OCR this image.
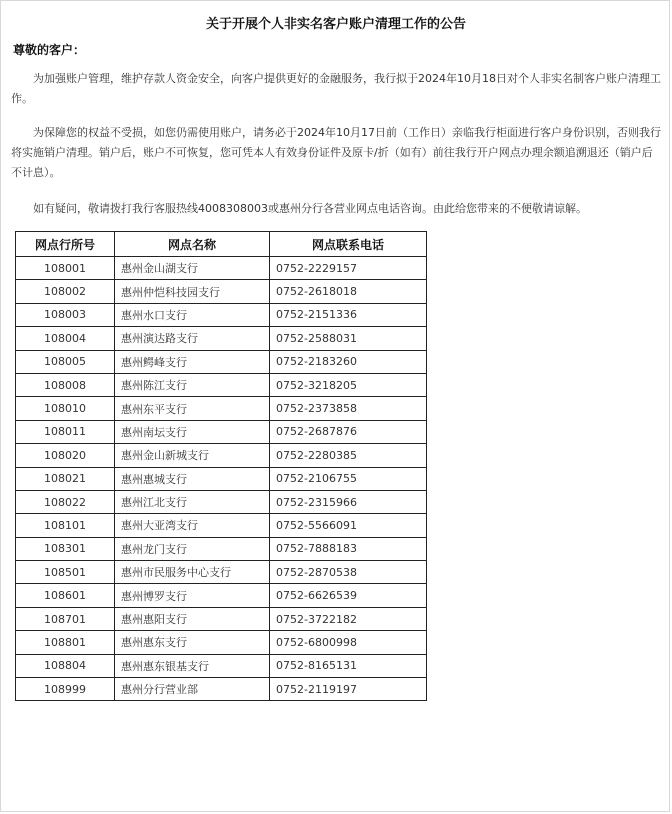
关于开展个人非实名客户账户清理工作的公告
尊敬的客户：

为加强账户管理，维护存款人资金安全，向客户提供更好的金融服务，我行拟于2024年10月18日对个人非实名制客户账户清理工作。

为保障您的权益不受损，如您仍需使用账户，请务必于2024年10月17日前（工作日）亲临我行柜面进行客户身份识别，否则我行将实施销户清理。销户后，账户不可恢复，您可凭本人有效身份证件及原卡/折（如有）前往我行开户网点办理余额追溯退还（销户后不计息）。

如有疑问，敬请拨打我行客服热线4008308003或惠州分行各营业网点电话咨询。由此给您带来的不便敬请谅解。

网点行所号	网点名称	网点联系电话
108001	惠州金山湖支行	0752-2229157
108002	惠州仲恺科技园支行	0752-2618018
108003	惠州水口支行	0752-2151336
108004	惠州演达路支行	0752-2588031
108005	惠州鳄峰支行	0752-2183260
108008	惠州陈江支行	0752-3218205
108010	惠州东平支行	0752-2373858
108011	惠州南坛支行	0752-2687876
108020	惠州金山新城支行	0752-2280385
108021	惠州惠城支行	0752-2106755
108022	惠州江北支行	0752-2315966
108101	惠州大亚湾支行	0752-5566091
108301	惠州龙门支行	0752-7888183
108501	惠州市民服务中心支行	0752-2870538
108601	惠州博罗支行	0752-6626539
108701	惠州惠阳支行	0752-3722182
108801	惠州惠东支行	0752-6800998
108804	惠州惠东银基支行	0752-8165131
108999	惠州分行营业部	0752-2119197
